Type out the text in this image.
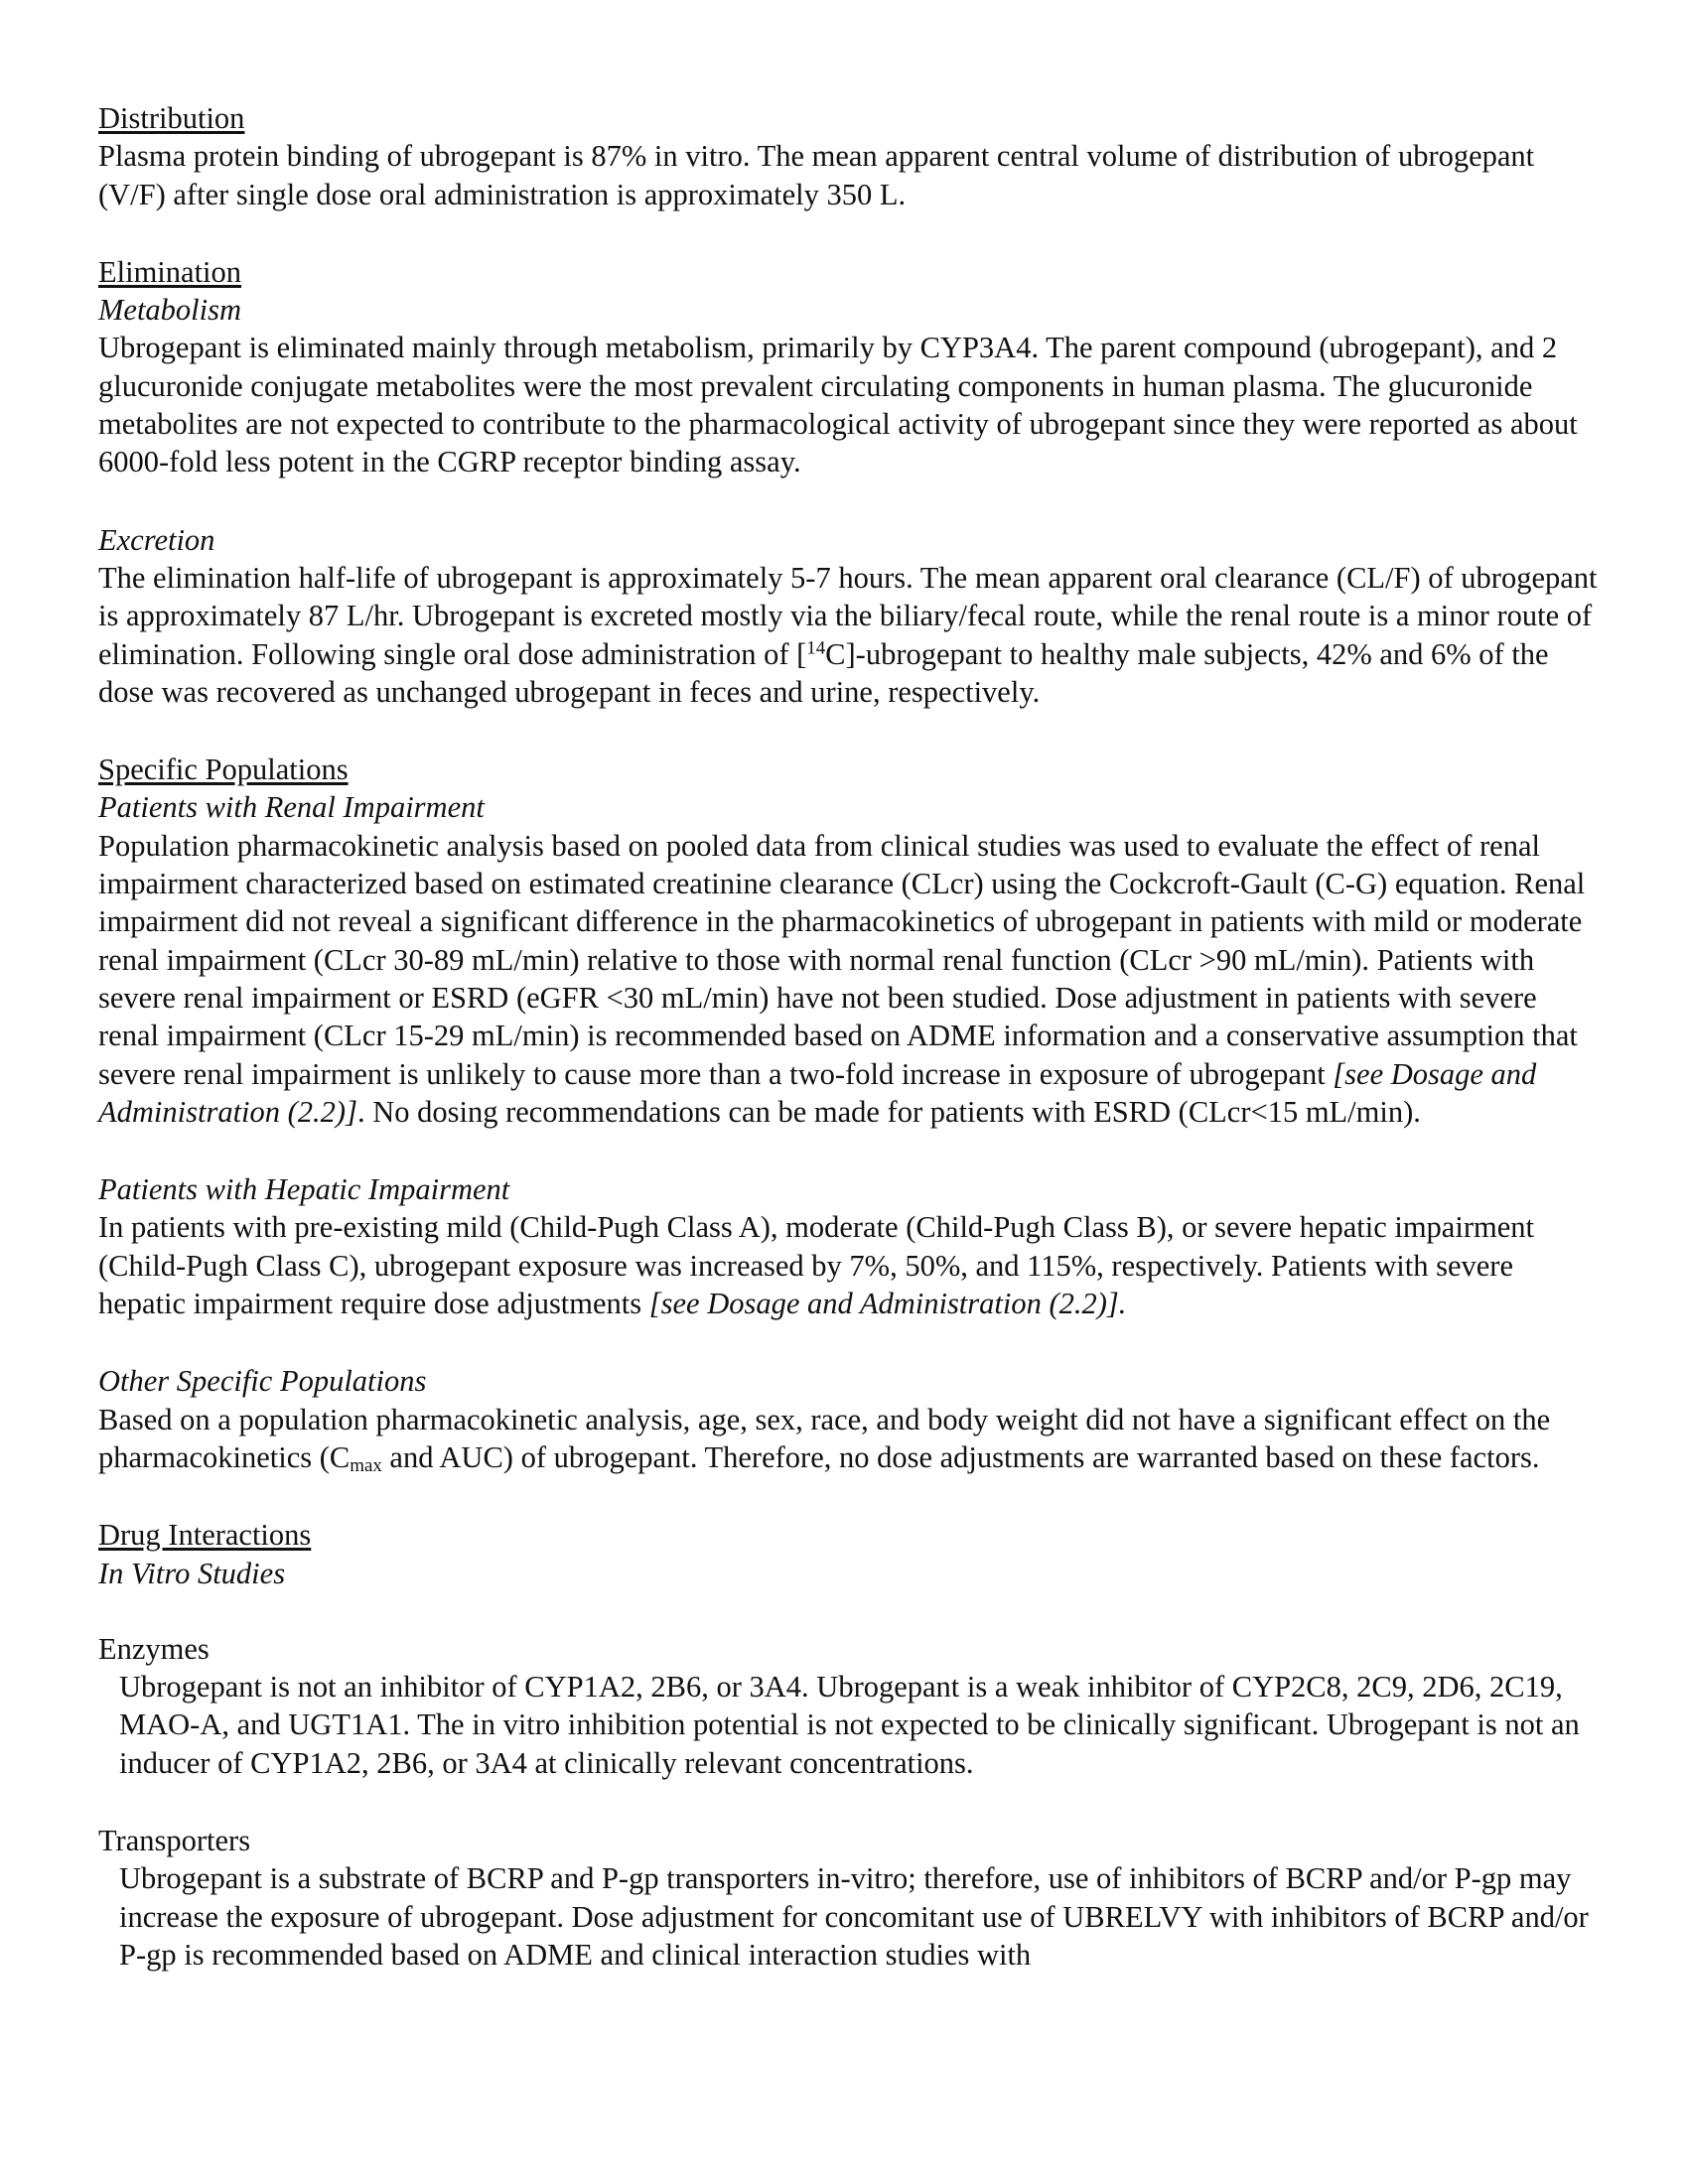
Distribution

Plasma protein binding of ubrogepant is 87% in vitro. The mean apparent central volume of distribution of ubrogepant (V/F) after single dose oral administration is approximately 350 L.

Elimination

Metabolism

Ubrogepant is eliminated mainly through metabolism, primarily by CYP3A4. The parent compound (ubrogepant), and 2 glucuronide conjugate metabolites were the most prevalent circulating components in human plasma. The glucuronide metabolites are not expected to contribute to the pharmacological activity of ubrogepant since they were reported as about 6000-fold less potent in the CGRP receptor binding assay.

Excretion

The elimination half-life of ubrogepant is approximately 5-7 hours. The mean apparent oral clearance (CL/F) of ubrogepant is approximately 87 L/hr. Ubrogepant is excreted mostly via the biliary/fecal route, while the renal route is a minor route of elimination. Following single oral dose administration of [$^{14}$C]-ubrogepant to healthy male subjects, 42% and 6% of the dose was recovered as unchanged ubrogepant in feces and urine, respectively.

Specific Populations

Patients with Renal Impairment

Population pharmacokinetic analysis based on pooled data from clinical studies was used to evaluate the effect of renal impairment characterized based on estimated creatinine clearance (CLcr) using the Cockcroft-Gault (C-G) equation. Renal impairment did not reveal a significant difference in the pharmacokinetics of ubrogepant in patients with mild or moderate renal impairment (CLcr 30-89 mL/min) relative to those with normal renal function (CLcr >90 mL/min). Patients with severe renal impairment or ESRD (eGFR <30 mL/min) have not been studied. Dose adjustment in patients with severe renal impairment (CLcr 15-29 mL/min) is recommended based on ADME information and a conservative assumption that severe renal impairment is unlikely to cause more than a two-fold increase in exposure of ubrogepant [see Dosage and Administration (2.2)]. No dosing recommendations can be made for patients with ESRD (CLcr<15 mL/min).

Patients with Hepatic Impairment

In patients with pre-existing mild (Child-Pugh Class A), moderate (Child-Pugh Class B), or severe hepatic impairment (Child-Pugh Class C), ubrogepant exposure was increased by 7%, 50%, and 115%, respectively. Patients with severe hepatic impairment require dose adjustments [see Dosage and Administration (2.2)].

Other Specific Populations

Based on a population pharmacokinetic analysis, age, sex, race, and body weight did not have a significant effect on the pharmacokinetics ($C_{max}$ and AUC) of ubrogepant. Therefore, no dose adjustments are warranted based on these factors.

Drug Interactions

In Vitro Studies

Enzymes

Ubrogepant is not an inhibitor of CYP1A2, 2B6, or 3A4. Ubrogepant is a weak inhibitor of CYP2C8, 2C9, 2D6, 2C19, MAO-A, and UGT1A1. The in vitro inhibition potential is not expected to be clinically significant. Ubrogepant is not an inducer of CYP1A2, 2B6, or 3A4 at clinically relevant concentrations.

Transporters

Ubrogepant is a substrate of BCRP and P-gp transporters in-vitro; therefore, use of inhibitors of BCRP and/or P-gp may increase the exposure of ubrogepant. Dose adjustment for concomitant use of UBRELVY with inhibitors of BCRP and/or P-gp is recommended based on ADME and clinical interaction studies with
